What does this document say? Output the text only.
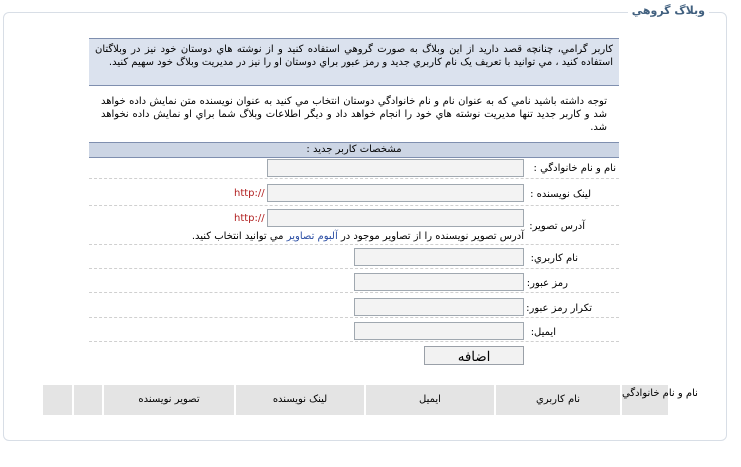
وبلاگ گروهي
کاربر گرامي، چنانچه قصد داريد از اين وبلاگ به صورت گروهي استفاده کنيد و از نوشته هاي دوستان خود نيز در وبلاگتان استفاده کنيد ، مي توانيد با تعريف يک نام کاربري جديد و رمز عبور براي دوستان او را نيز در مديريت وبلاگ خود سهيم کنيد.
توجه داشته باشيد نامي که به عنوان نام و نام خانوادگي دوستان انتخاب مي کنيد به عنوان نويسنده متن نمايش داده خواهد شد و کاربر جديد تنها مديريت نوشته هاي خود را انجام خواهد داد و ديگر اطلاعات وبلاگ شما براي او نمايش داده نخواهد شد.
مشخصات کاربر جديد :
نام و نام خانوادگي :
لينک نويسنده :
http://
آدرس تصوير:
http://
آدرس تصوير نويسنده را از تصاوير موجود در آلبوم تصاوير مي توانيد انتخاب کنيد.
نام کاربري:
رمز عبور:
تکرار رمز عبور:
ايميل:
اضافه
نام و نام خانوادگي
نام کاربري
ايميل
لينک نويسنده
تصوير نويسنده
